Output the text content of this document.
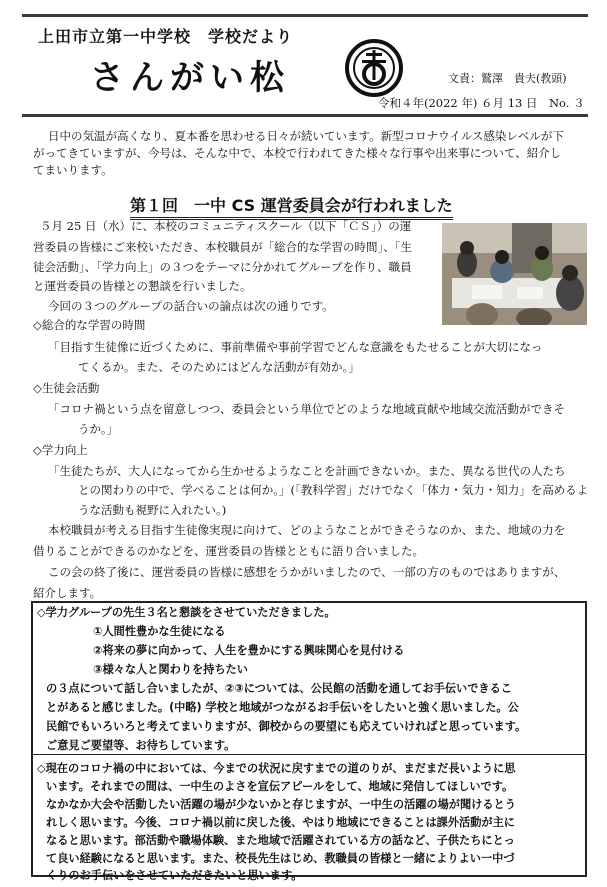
上田市立第一中学校　学校だより
さんがい松	文責：鷲澤　貴夫(教頭)
令和４年(2022 年) ６月 13 日　No. ３

日中の気温が高くなり、夏本番を思わせる日々が続いています。新型コロナウイルス感染レベルが下

がってきていますが、今号は、そんな中で、本校で行われてきた様々な行事や出来事について、紹介し

てまいります。

第１回　一中 CS 運営委員会が行われました

５月 25 日（水）に、本校のコミュニティスクール（以下「ＣＳ」）の運

営委員の皆様にご来校いただき、本校職員が「総合的な学習の時間」、「生

徒会活動」、「学力向上」の３つをテーマに分かれてグループを作り、職員

と運営委員の皆様との懇談を行いました。

今回の３つのグループの話合いの論点は次の通りです。

◇総合的な学習の時間

「目指す生徒像に近づくために、事前準備や事前学習でどんな意識をもたせることが大切になっ

てくるか。また、そのためにはどんな活動が有効か。」

◇生徒会活動

「コロナ禍という点を留意しつつ、委員会という単位でどのような地域貢献や地域交流活動ができそ

うか。」

◇学力向上

「生徒たちが、大人になってから生かせるようなことを計画できないか。また、異なる世代の人たち

との関わりの中で、学べることは何か。」(「教科学習」だけでなく「体力・気力・知力」を高めるよ

うな活動も視野に入れたい。)

本校職員が考える目指す生徒像実現に向けて、どのようなことができそうなのか、また、地域の力を

借りることができるのかなどを、運営委員の皆様とともに語り合いました。

この会の終了後に、運営委員の皆様に感想をうかがいましたので、一部の方のものではありますが、

紹介します。

◇学力グループの先生３名と懇談をさせていただきました。

①人間性豊かな生徒になる

②将来の夢に向かって、人生を豊かにする興味関心を見付ける

③様々な人と関わりを持ちたい

の３点について話し合いましたが、②③については、公民館の活動を通してお手伝いできるこ

とがあると感じました。(中略) 学校と地域がつながるお手伝いをしたいと強く思いました。公

民館でもいろいろと考えてまいりますが、御校からの要望にも応えていければと思っています。

ご意見ご要望等、お待ちしています。

◇現在のコロナ禍の中においては、今までの状況に戻すまでの道のりが、まだまだ長いように思

います。それまでの間は、一中生のよさを宣伝アピールをして、地域に発信してほしいです。

なかなか大会や活動したい活躍の場が少ないかと存じますが、一中生の活躍の場が聞けるとう

れしく思います。今後、コロナ禍以前に戻した後、やはり地域にできることは課外活動が主に

なると思います。部活動や職場体験、また地域で活躍されている方の話など、子供たちにとっ

て良い経験になると思います。また、校長先生はじめ、教職員の皆様と一緒によりよい一中づ

くりのお手伝いをさせていただきたいと思います。
